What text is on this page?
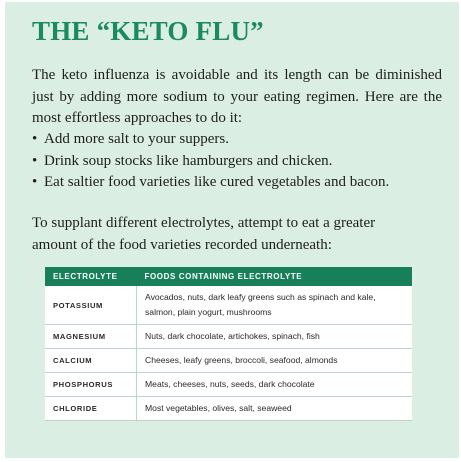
THE “KETO FLU”

The keto influenza is avoidable and its length can be diminished just by adding more sodium to your eating regimen. Here are the most effortless approaches to do it:

• Add more salt to your suppers.
• Drink soup stocks like hamburgers and chicken.
• Eat saltier food varieties like cured vegetables and bacon.

To supplant different electrolytes, attempt to eat a greater amount of the food varieties recorded underneath:

ELECTROLYTE	FOODS CONTAINING ELECTROLYTE
POTASSIUM	Avocados, nuts, dark leafy greens such as spinach and kale, salmon, plain yogurt, mushrooms
MAGNESIUM	Nuts, dark chocolate, artichokes, spinach, fish
CALCIUM	Cheeses, leafy greens, broccoli, seafood, almonds
PHOSPHORUS	Meats, cheeses, nuts, seeds, dark chocolate
CHLORIDE	Most vegetables, olives, salt, seaweed
